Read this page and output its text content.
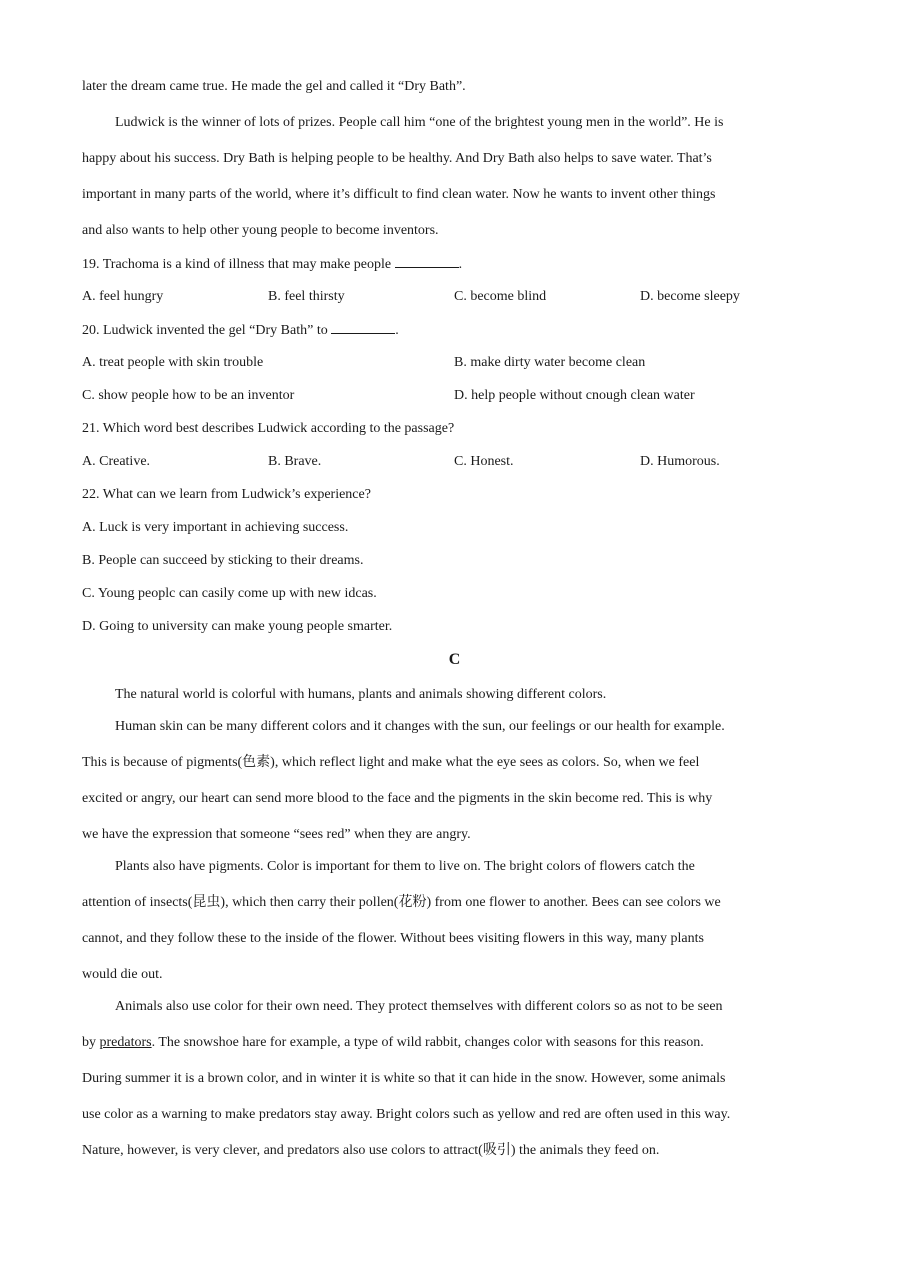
later the dream came true. He made the gel and called it “Dry Bath”.
Ludwick is the winner of lots of prizes. People call him “one of the brightest young men in the world”. He is
happy about his success. Dry Bath is helping people to be healthy. And Dry Bath also helps to save water. That’s
important in many parts of the world, where it’s difficult to find clean water. Now he wants to invent other things
and also wants to help other young people to become inventors.
19. Trachoma is a kind of illness that may make people	.
A. feel hungry	B. feel thirsty	C. become blind	D. become sleepy
20. Ludwick invented the gel “Dry Bath” to	.
A. treat people with skin trouble	B. make dirty water become clean
C. show people how to be an inventor	D. help people without cnough clean water
21. Which word best describes Ludwick according to the passage?
A. Creative.	B. Brave.	C. Honest.	D. Humorous.
22. What can we learn from Ludwick’s experience?
A. Luck is very important in achieving success.
B. People can succeed by sticking to their dreams.
C. Young peoplc can casily come up with new idcas.
D. Going to university can make young people smarter.
C
The natural world is colorful with humans, plants and animals showing different colors.
Human skin can be many different colors and it changes with the sun, our feelings or our health for example.
This is because of pigments(色素), which reflect light and make what the eye sees as colors. So, when we feel
excited or angry, our heart can send more blood to the face and the pigments in the skin become red. This is why
we have the expression that someone “sees red” when they are angry.
Plants also have pigments. Color is important for them to live on. The bright colors of flowers catch the
attention of insects(昆虫), which then carry their pollen(花粉) from one flower to another. Bees can see colors we
cannot, and they follow these to the inside of the flower. Without bees visiting flowers in this way, many plants
would die out.
Animals also use color for their own need. They protect themselves with different colors so as not to be seen
by predators. The snowshoe hare for example, a type of wild rabbit, changes color with seasons for this reason.
During summer it is a brown color, and in winter it is white so that it can hide in the snow. However, some animals
use color as a warning to make predators stay away. Bright colors such as yellow and red are often used in this way.
Nature, however, is very clever, and predators also use colors to attract(吸引) the animals they feed on.
